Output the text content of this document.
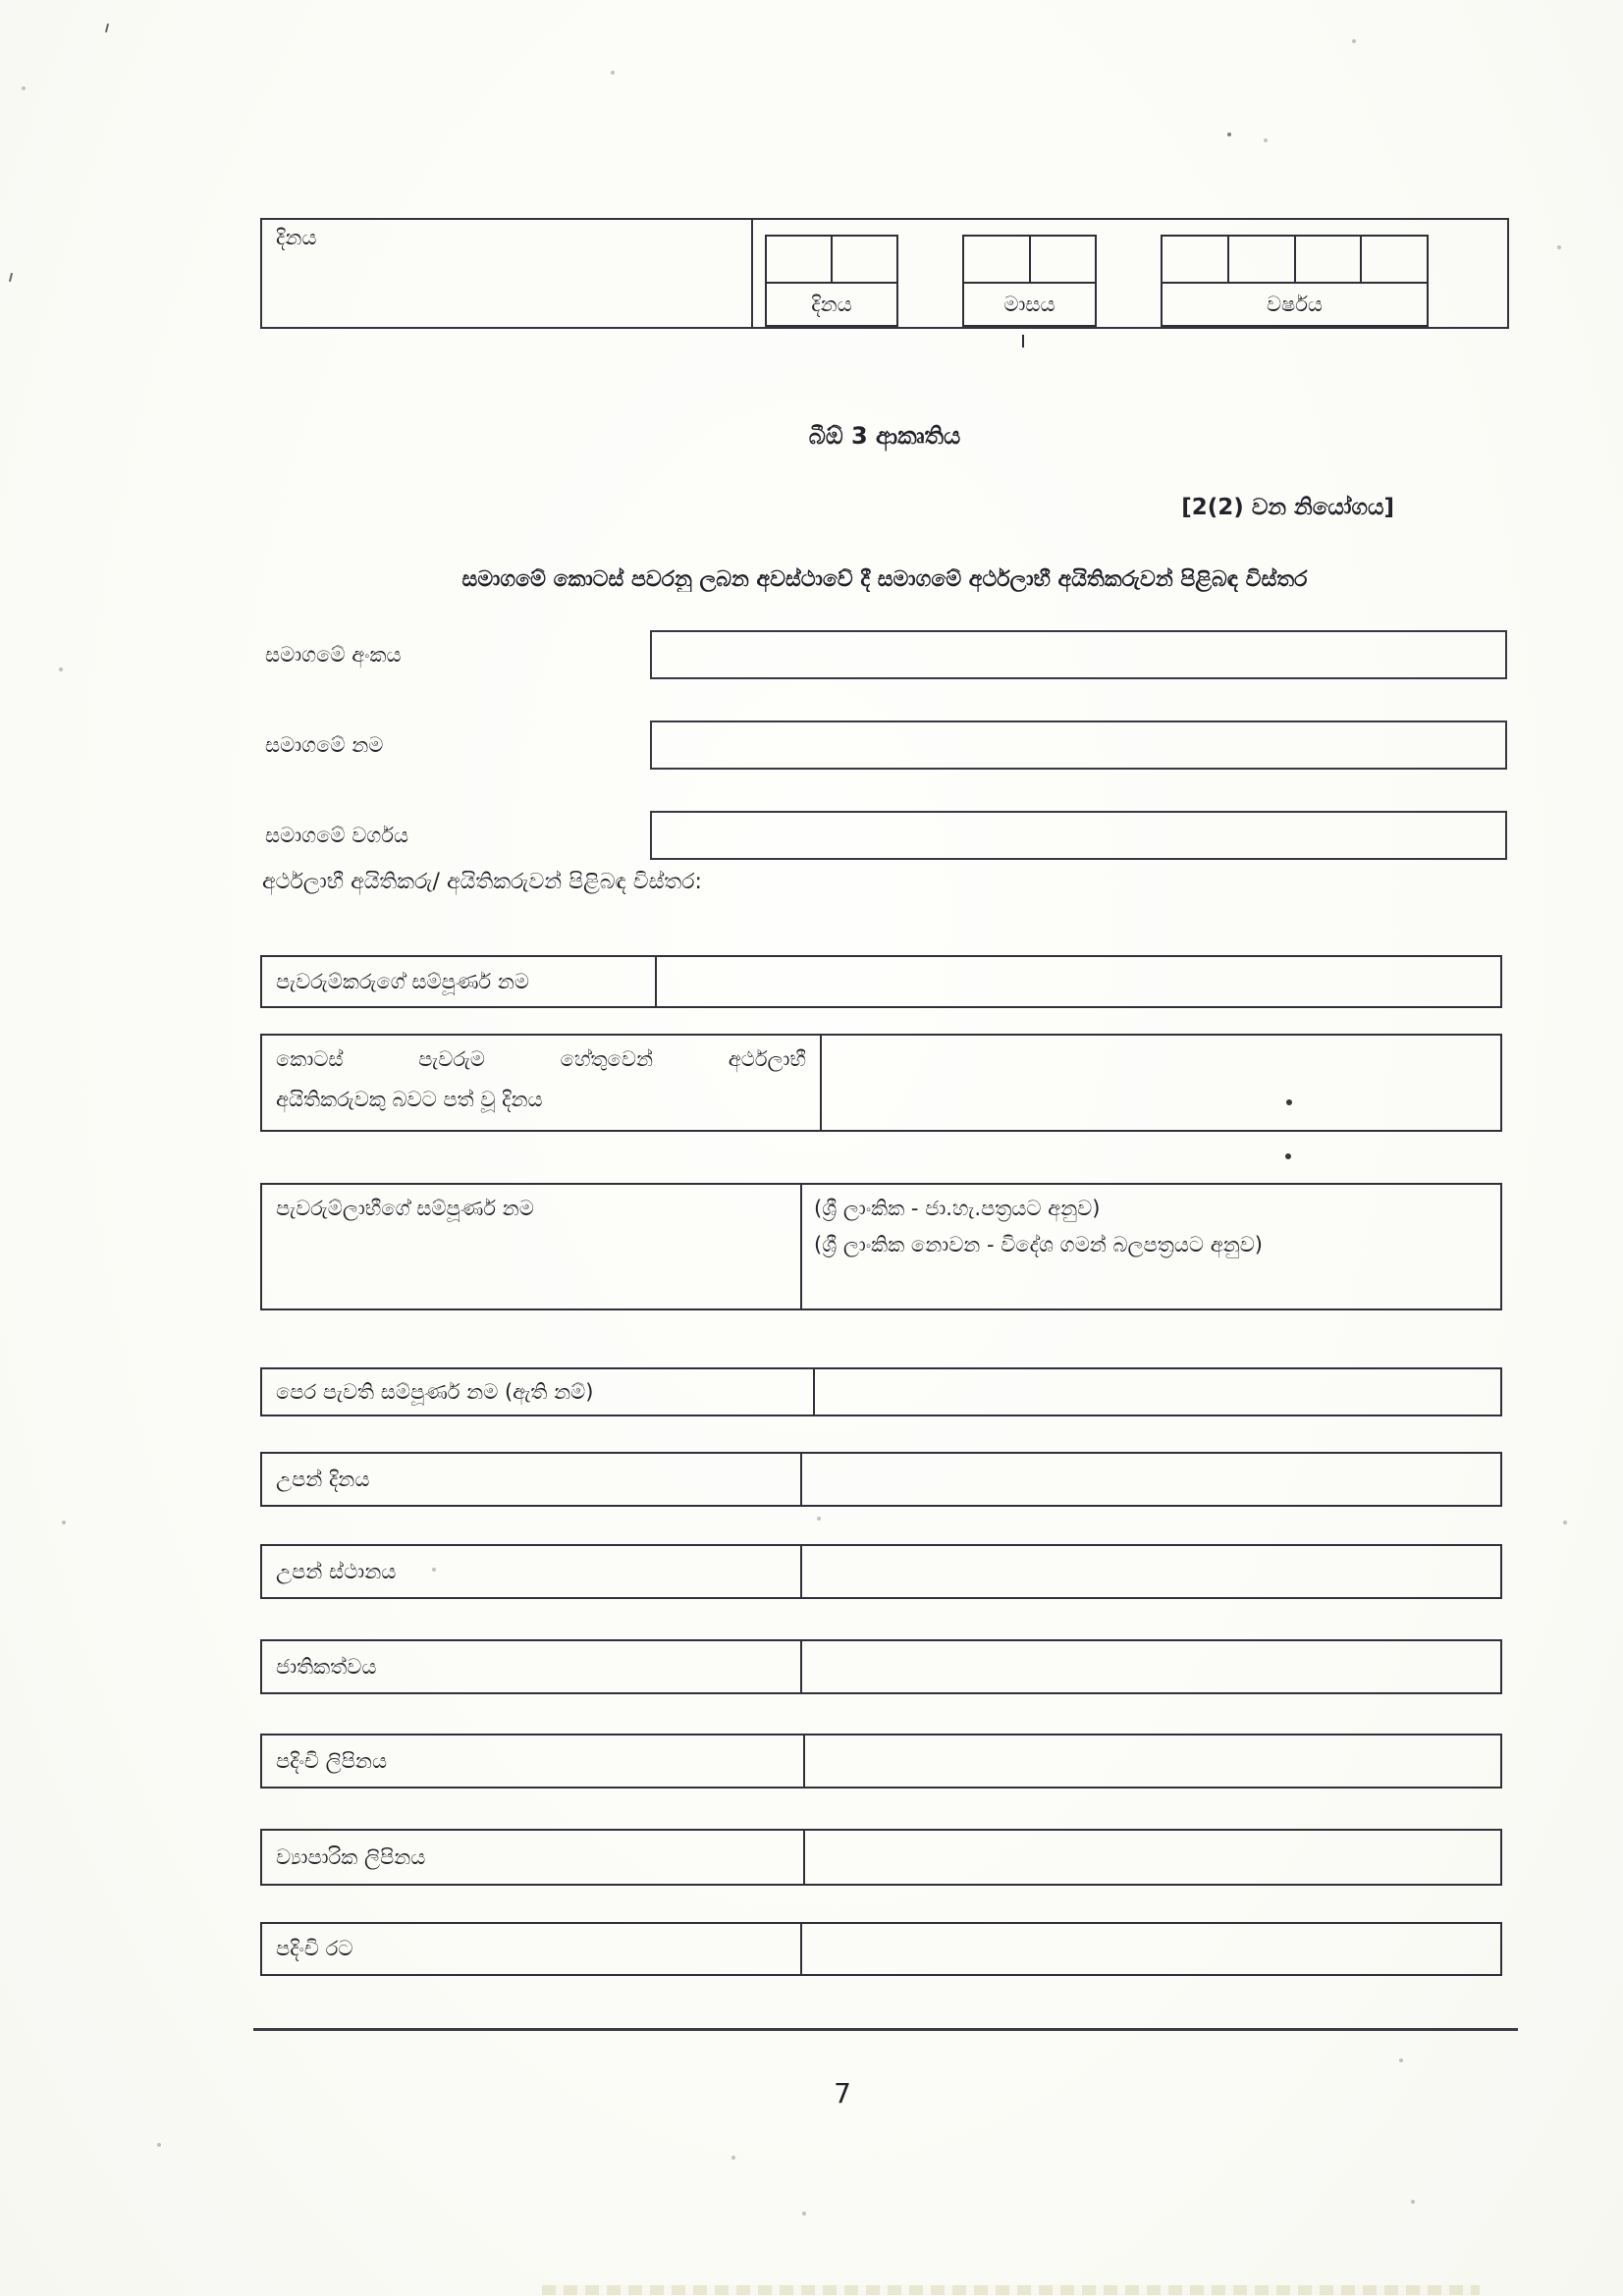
දිනය
දිනය	මාසය	වර්ෂය
බීඕ 3 ආකෘතිය
[2(2) වන නියෝගය]
සමාගමේ කොටස් පවරනු ලබන අවස්ථාවේ දී සමාගමේ අර්ථලාභී අයිතිකරුවන් පිළිබඳ විස්තර
සමාගමේ අංකය
සමාගමේ නම
සමාගමේ වර්ගය
අර්ථලාභී අයිතිකරු/ අයිතිකරුවන් පිළිබඳ විස්තර:
පැවරුම්කරුගේ සම්පූර්ණ නම
කොටස් පැවරුම හේතුවෙන් අර්ථලාභී
අයිතිකරුවකු බවට පත් වූ දිනය
පැවරුම්ලාභීගේ සම්පූර්ණ නම	(ශ්‍රී ලාංකික - ජා.හැ.පත්‍රයට අනුව)
(ශ්‍රී ලාංකික නොවන - විදේශ ගමන් බලපත්‍රයට අනුව)
පෙර පැවති සම්පූර්ණ නම (ඇති නම්)
උපන් දිනය
උපන් ස්ථානය
ජාතිකත්වය
පදිංචි ලිපිනය
ව්‍යාපාරික ලිපිනය
පදිංචි රට
7
